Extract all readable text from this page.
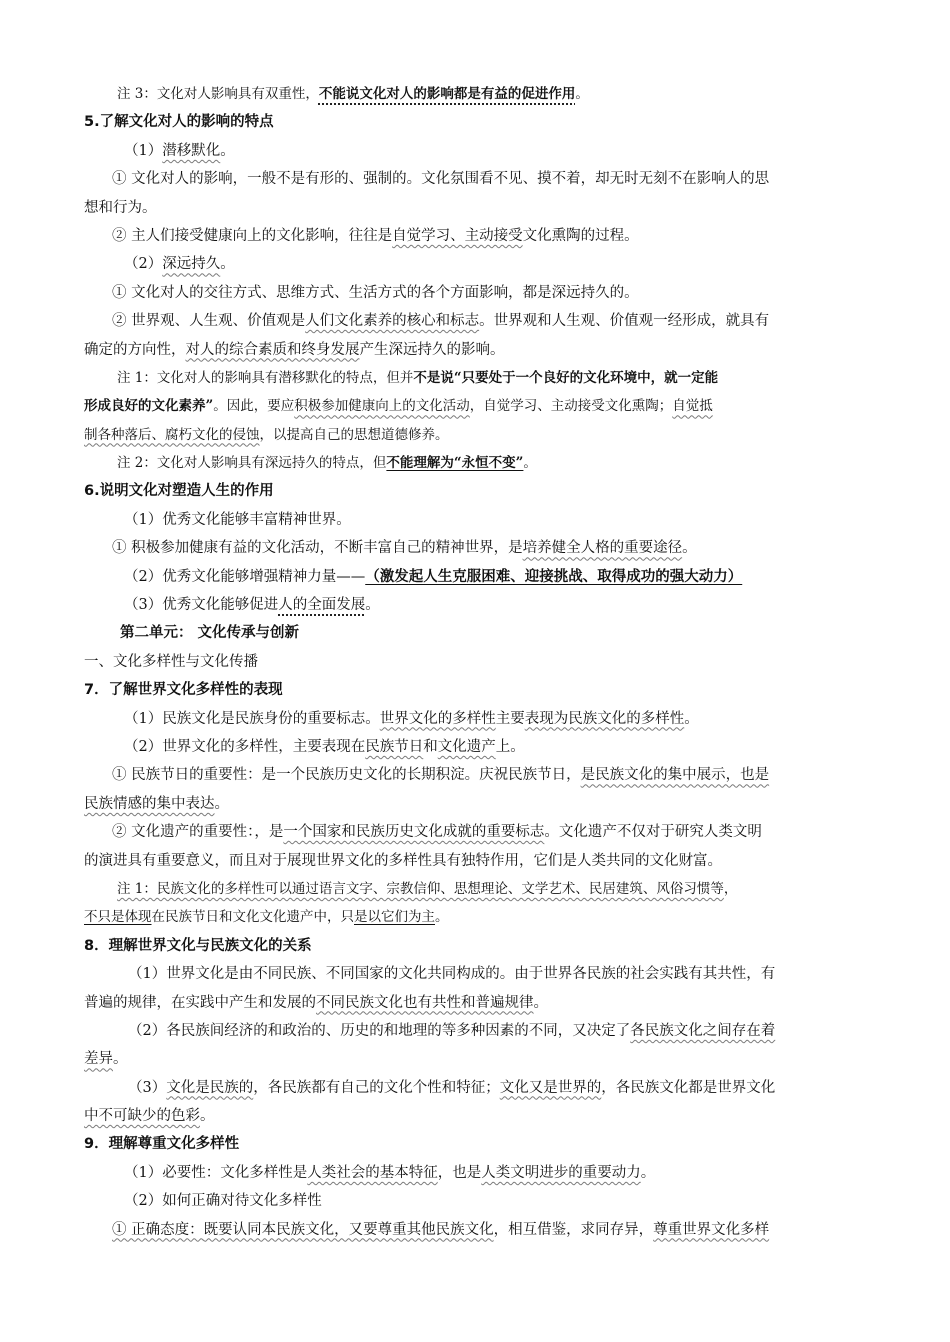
注 3：文化对人影响具有双重性，不能说文化对人的影响都是有益的促进作用。
5.了解文化对人的影响的特点
（1）潜移默化。
① 文化对人的影响，一般不是有形的、强制的。文化氛围看不见、摸不着，却无时无刻不在影响人的思
想和行为。
② 主人们接受健康向上的文化影响，往往是自觉学习、主动接受文化熏陶的过程。
（2）深远持久。
① 文化对人的交往方式、思维方式、生活方式的各个方面影响，都是深远持久的。
② 世界观、人生观、价值观是人们文化素养的核心和标志。世界观和人生观、价值观一经形成，就具有
确定的方向性，对人的综合素质和终身发展产生深远持久的影响。
注 1：文化对人的影响具有潜移默化的特点，但并不是说“只要处于一个良好的文化环境中，就一定能
形成良好的文化素养”。因此，要应积极参加健康向上的文化活动，自觉学习、主动接受文化熏陶；自觉抵
制各种落后、腐朽文化的侵蚀，以提高自己的思想道德修养。
注 2：文化对人影响具有深远持久的特点，但不能理解为“永恒不变”。
6.说明文化对塑造人生的作用
（1）优秀文化能够丰富精神世界。
① 积极参加健康有益的文化活动，不断丰富自己的精神世界，是培养健全人格的重要途径。
（2）优秀文化能够增强精神力量——（激发起人生克服困难、迎接挑战、取得成功的强大动力）
（3）优秀文化能够促进人的全面发展。
第二单元： 文化传承与创新
一、文化多样性与文化传播
7．了解世界文化多样性的表现
（1）民族文化是民族身份的重要标志。世界文化的多样性主要表现为民族文化的多样性。
（2）世界文化的多样性，主要表现在民族节日和文化遗产上。
① 民族节日的重要性：是一个民族历史文化的长期积淀。庆祝民族节日，是民族文化的集中展示，也是
民族情感的集中表达。
② 文化遗产的重要性：，是一个国家和民族历史文化成就的重要标志。文化遗产不仅对于研究人类文明
的演进具有重要意义，而且对于展现世界文化的多样性具有独特作用，它们是人类共同的文化财富。
注 1：民族文化的多样性可以通过语言文字、宗教信仰、思想理论、文学艺术、民居建筑、风俗习惯等，
不只是体现在民族节日和文化文化遗产中，只是以它们为主。
8．理解世界文化与民族文化的关系
（1）世界文化是由不同民族、不同国家的文化共同构成的。由于世界各民族的社会实践有其共性，有
普遍的规律，在实践中产生和发展的不同民族文化也有共性和普遍规律。
（2）各民族间经济的和政治的、历史的和地理的等多种因素的不同，又决定了各民族文化之间存在着
差异。
（3）文化是民族的，各民族都有自己的文化个性和特征；文化又是世界的，各民族文化都是世界文化
中不可缺少的色彩。
9．理解尊重文化多样性
（1）必要性：文化多样性是人类社会的基本特征，也是人类文明进步的重要动力。
（2）如何正确对待文化多样性
① 正确态度：既要认同本民族文化，又要尊重其他民族文化，相互借鉴，求同存异，尊重世界文化多样
